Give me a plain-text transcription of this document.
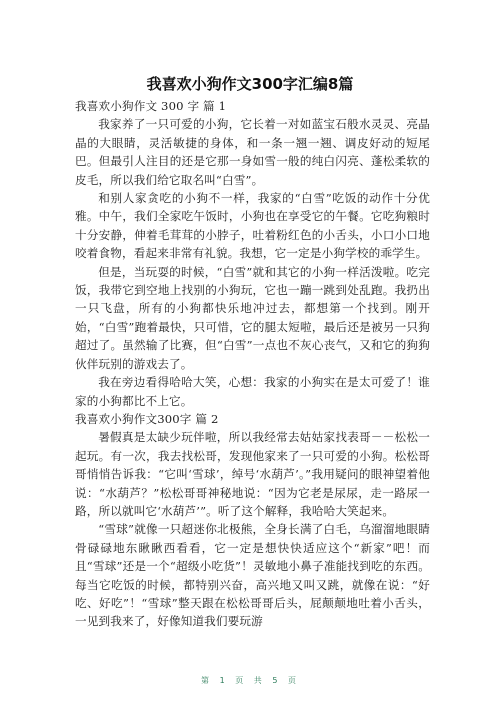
我喜欢小狗作文300字汇编8篇

我喜欢小狗作文 300 字 篇 1

我家养了一只可爱的小狗，它长着一对如蓝宝石般水灵灵、亮晶晶的大眼睛，灵活敏捷的身体，和一条一翘一翘、调皮好动的短尾巴。但最引人注目的还是它那一身如雪一般的纯白闪亮、蓬松柔软的皮毛，所以我们给它取名叫“白雪”。

和别人家贪吃的小狗不一样，我家的“白雪”吃饭的动作十分优雅。中午，我们全家吃午饭时，小狗也在享受它的午餐。它吃狗粮时十分安静，伸着毛茸茸的小脖子，吐着粉红色的小舌头，小口小口地咬着食物，看起来非常有礼貌。我想，它一定是小狗学校的乖学生。

但是，当玩耍的时候，“白雪”就和其它的小狗一样活泼啦。吃完饭，我带它到空地上找别的小狗玩，它也一蹦一跳到处乱跑。我扔出一只飞盘，所有的小狗都快乐地冲过去，都想第一个找到。刚开始，“白雪”跑着最快，只可惜，它的腿太短啦，最后还是被另一只狗超过了。虽然输了比赛，但“白雪”一点也不灰心丧气，又和它的狗狗伙伴玩别的游戏去了。

我在旁边看得哈哈大笑，心想：我家的小狗实在是太可爱了！谁家的小狗都比不上它。

我喜欢小狗作文300字 篇 2

暑假真是太缺少玩伴啦，所以我经常去姑姑家找表哥－－松松一起玩。有一次，我去找松哥，发现他家来了一只可爱的小狗。松松哥哥悄悄告诉我：“它叫‘雪球’，绰号‘水葫芦’。”我用疑问的眼神望着他说：“水葫芦？”松松哥哥神秘地说：“因为它老是尿尿，走一路尿一路，所以就叫它‘水葫芦’”。听了这个解释，我哈哈大笑起来。

“雪球”就像一只超迷你北极熊，全身长满了白毛，乌溜溜地眼睛骨碌碌地东瞅瞅西看看，它一定是想快快适应这个“新家”吧！而且“雪球”还是一个“超级小吃货”！灵敏地小鼻子准能找到吃的东西。每当它吃饭的时候，都特别兴奋，高兴地又叫又跳，就像在说：“好吃、好吃”！“雪球”整天跟在松松哥哥后头，屁颠颠地吐着小舌头，一见到我来了，好像知道我们要玩游

第 1 页 共 5 页
